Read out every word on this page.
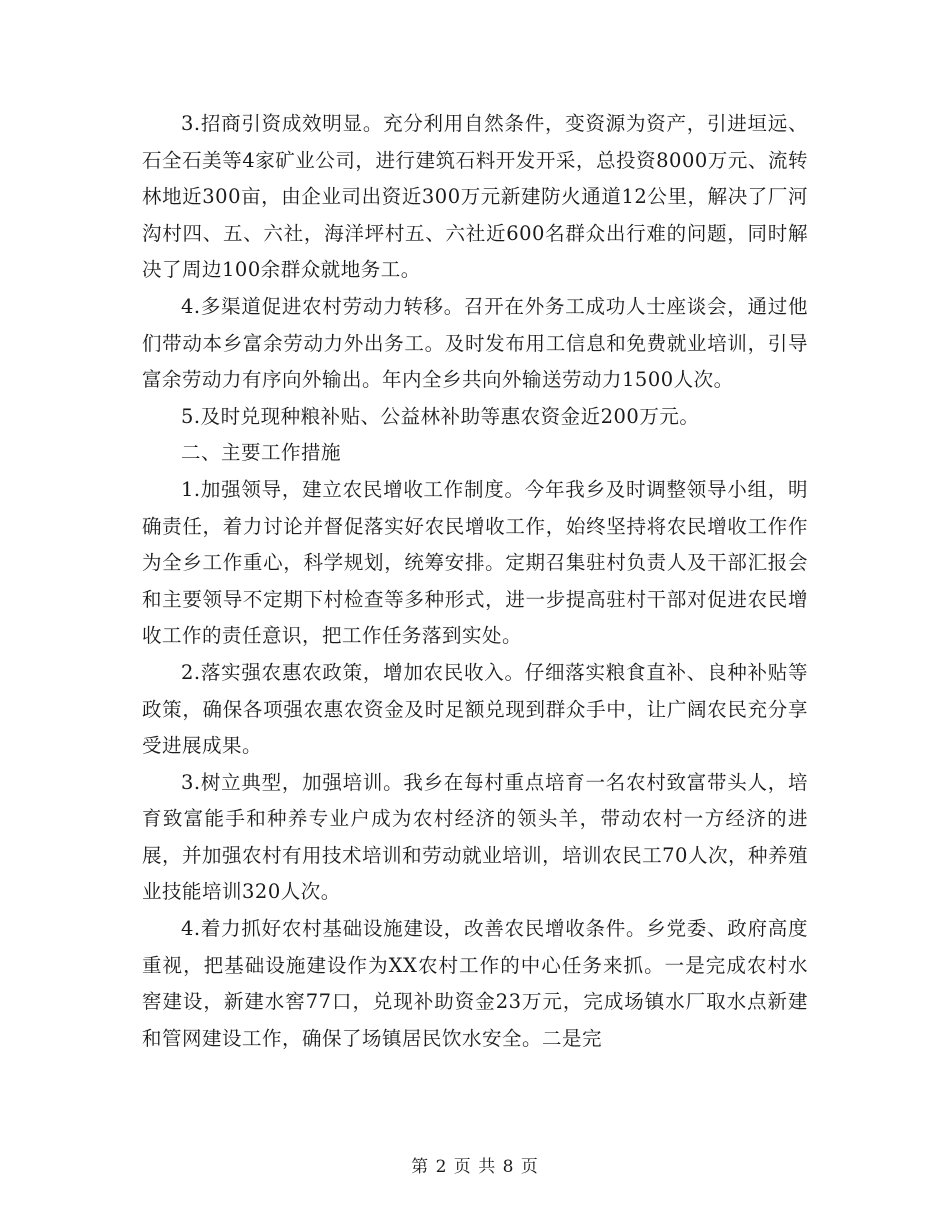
3.招商引资成效明显。充分利用自然条件，变资源为资产，引进垣远、石全石美等4家矿业公司，进行建筑石料开发开采，总投资8000万元、流转林地近300亩，由企业司出资近300万元新建防火通道12公里，解决了厂河沟村四、五、六社，海洋坪村五、六社近600名群众出行难的问题，同时解决了周边100余群众就地务工。

4.多渠道促进农村劳动力转移。召开在外务工成功人士座谈会，通过他们带动本乡富余劳动力外出务工。及时发布用工信息和免费就业培训，引导富余劳动力有序向外输出。年内全乡共向外输送劳动力1500人次。

5.及时兑现种粮补贴、公益林补助等惠农资金近200万元。

二、主要工作措施

1.加强领导，建立农民增收工作制度。今年我乡及时调整领导小组，明确责任，着力讨论并督促落实好农民增收工作，始终坚持将农民增收工作作为全乡工作重心，科学规划，统筹安排。定期召集驻村负责人及干部汇报会和主要领导不定期下村检查等多种形式，进一步提高驻村干部对促进农民增收工作的责任意识，把工作任务落到实处。

2.落实强农惠农政策，增加农民收入。仔细落实粮食直补、良种补贴等政策，确保各项强农惠农资金及时足额兑现到群众手中，让广阔农民充分享受进展成果。

3.树立典型，加强培训。我乡在每村重点培育一名农村致富带头人，培育致富能手和种养专业户成为农村经济的领头羊，带动农村一方经济的进展，并加强农村有用技术培训和劳动就业培训，培训农民工70人次，种养殖业技能培训320人次。

4.着力抓好农村基础设施建设，改善农民增收条件。乡党委、政府高度重视，把基础设施建设作为XX农村工作的中心任务来抓。一是完成农村水窖建设，新建水窖77口，兑现补助资金23万元，完成场镇水厂取水点新建和管网建设工作，确保了场镇居民饮水安全。二是完

第 2 页 共 8 页
